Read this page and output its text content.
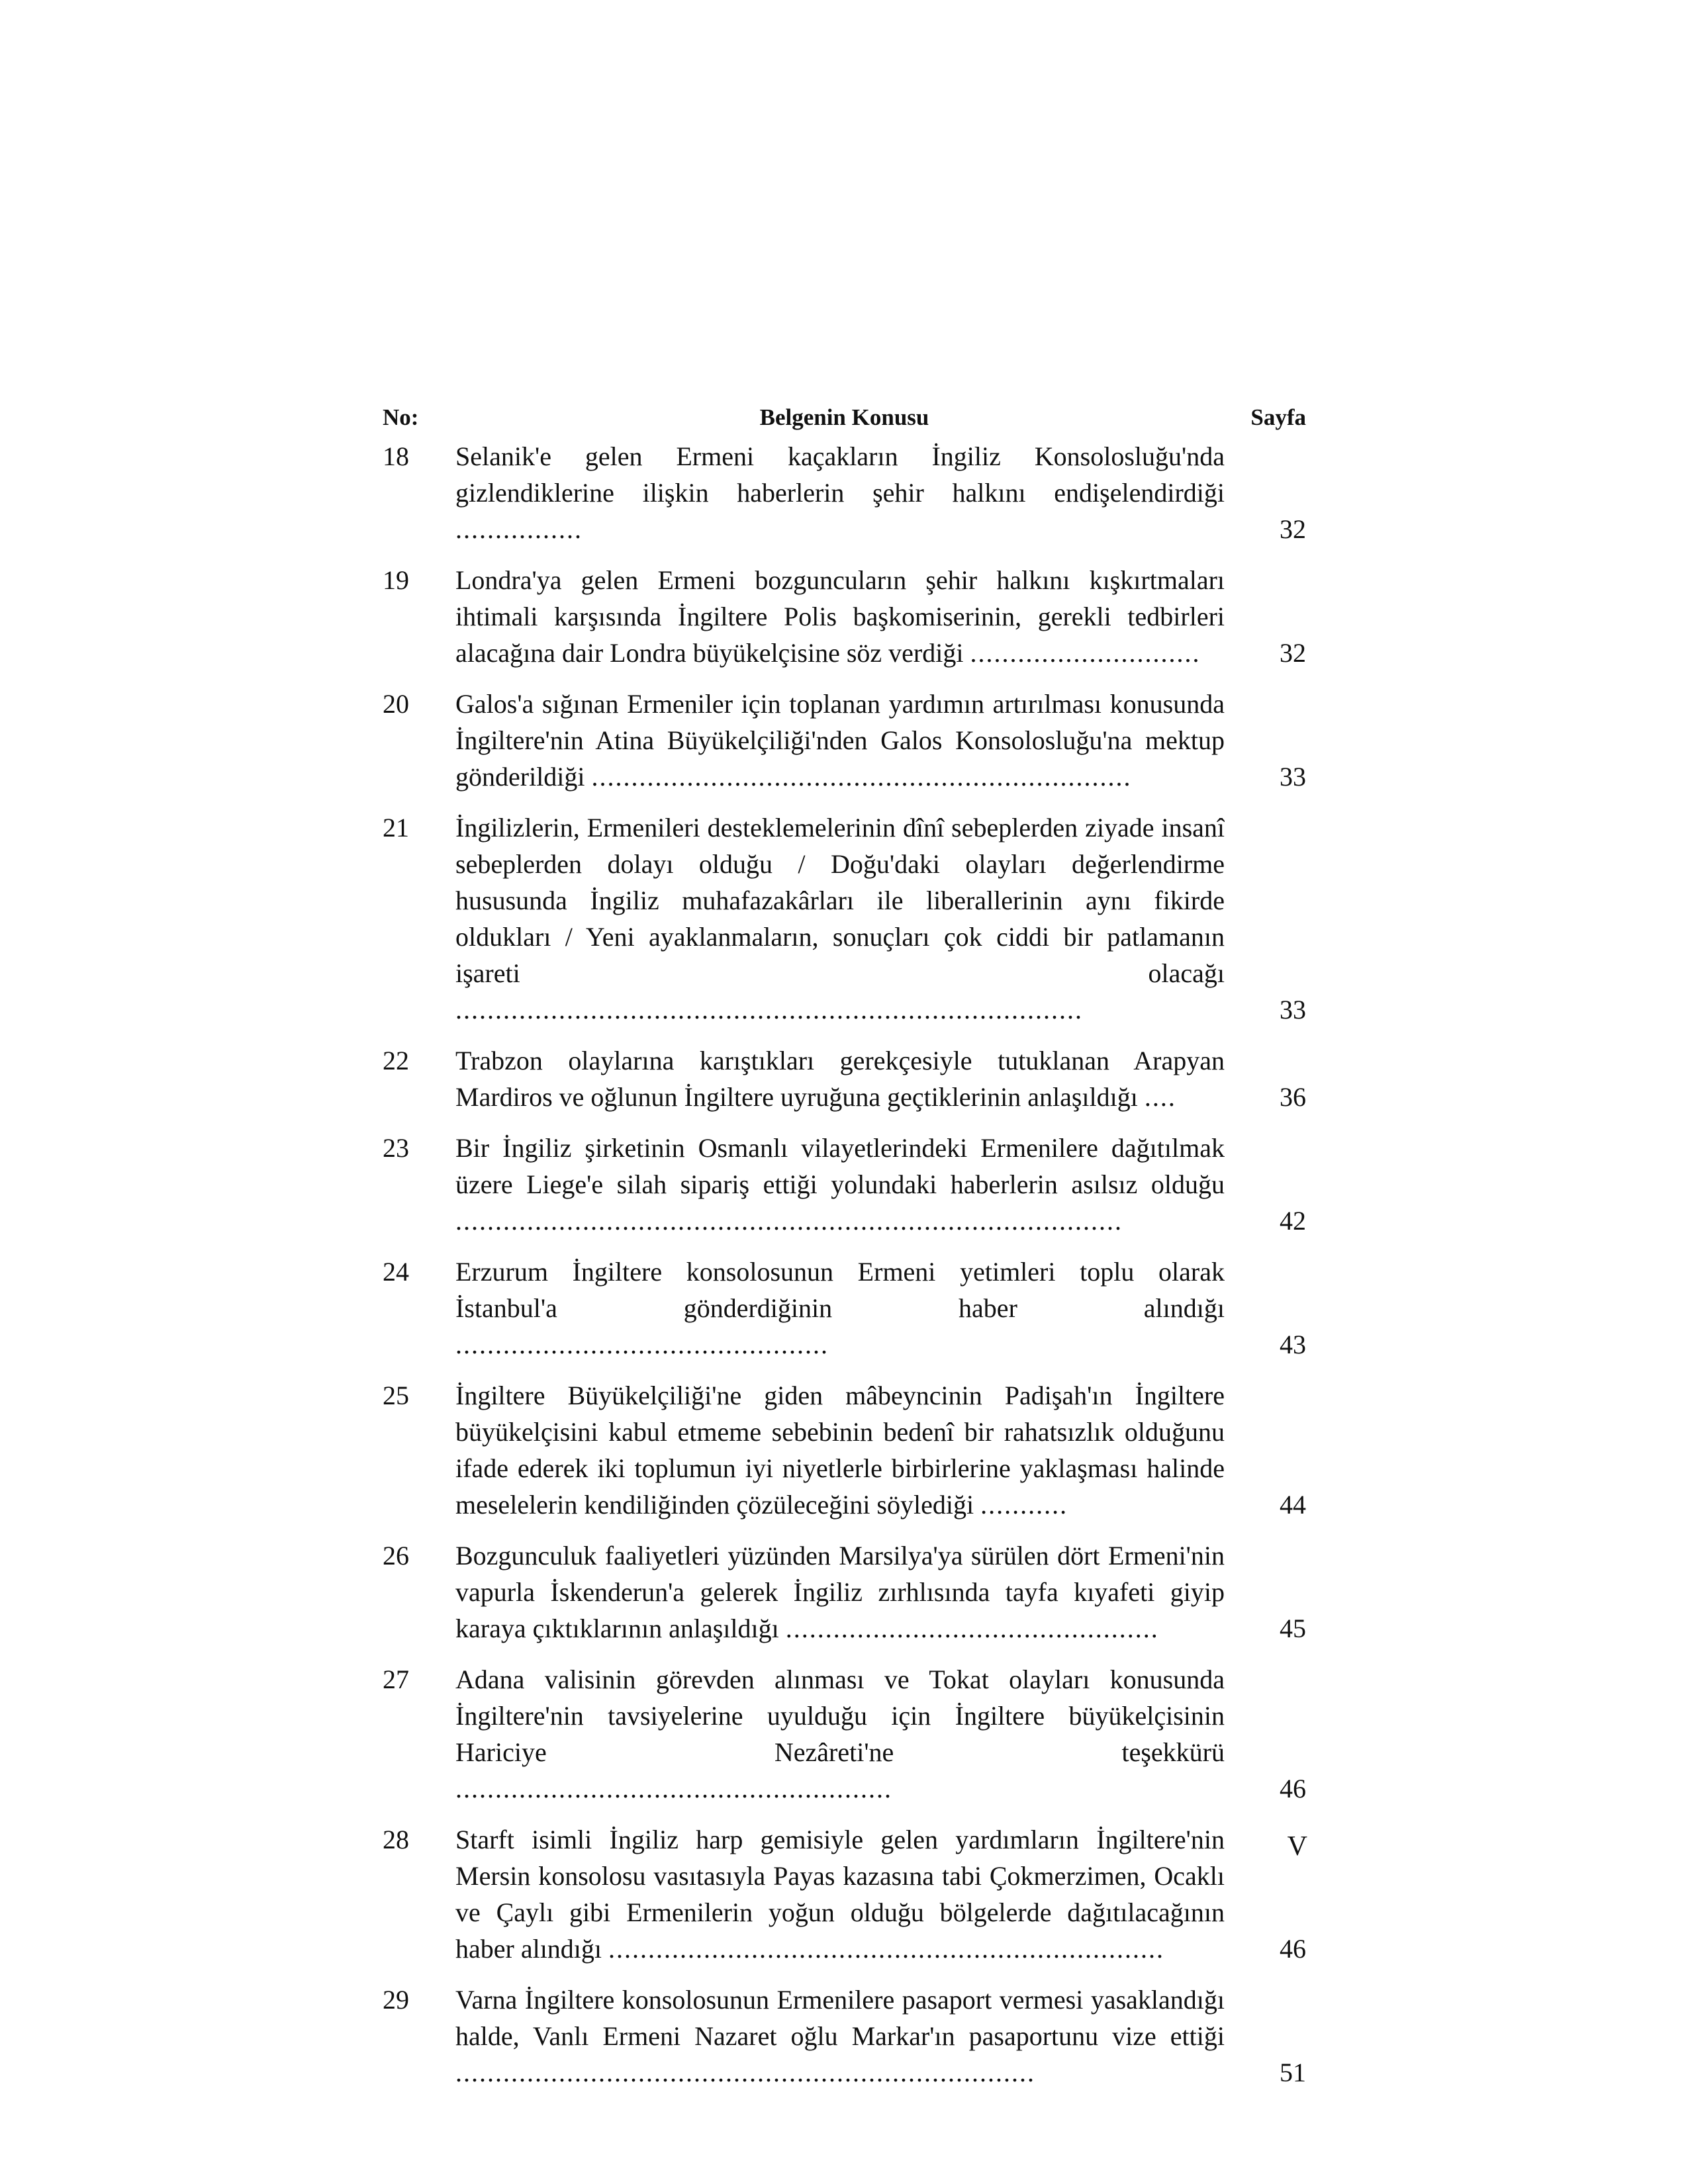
No:	Belgenin Konusu	Sayfa
18 Selanik'e gelen Ermeni kaçakların İngiliz Konsolosluğu'nda gizlendiklerine ilişkin haberlerin şehir halkını endişelendirdiği ................	32
19 Londra'ya gelen Ermeni bozguncuların şehir halkını kışkırtmaları ihtimali karşısında İngiltere Polis başkomiserinin, gerekli tedbirleri alacağına dair Londra büyükelçisine söz verdiği .............................	32
20 Galos'a sığınan Ermeniler için toplanan yardımın artırılması konusunda İngiltere'nin Atina Büyükelçiliği'nden Galos Konsolosluğu'na mektup gönderildiği ....................................................................	33
21 İngilizlerin, Ermenileri desteklemelerinin dînî sebeplerden ziyade insanî sebeplerden dolayı olduğu / Doğu'daki olayları değerlendirme hususunda İngiliz muhafazakârları ile liberallerinin aynı fikirde oldukları / Yeni ayaklanmaların, sonuçları çok ciddi bir patlamanın işareti olacağı ...............................................................................	33
22 Trabzon olaylarına karıştıkları gerekçesiyle tutuklanan Arapyan Mardiros ve oğlunun İngiltere uyruğuna geçtiklerinin anlaşıldığı ....	36
23 Bir İngiliz şirketinin Osmanlı vilayetlerindeki Ermenilere dağıtılmak üzere Liege'e silah sipariş ettiği yolundaki haberlerin asılsız olduğu ....................................................................................	42
24 Erzurum İngiltere konsolosunun Ermeni yetimleri toplu olarak İstanbul'a gönderdiğinin haber alındığı ...............................................	43
25 İngiltere Büyükelçiliği'ne giden mâbeyncinin Padişah'ın İngiltere büyükelçisini kabul etmeme sebebinin bedenî bir rahatsızlık olduğunu ifade ederek iki toplumun iyi niyetlerle birbirlerine yaklaşması halinde meselelerin kendiliğinden çözüleceğini söylediği ...........	44
26 Bozgunculuk faaliyetleri yüzünden Marsilya'ya sürülen dört Ermeni'nin vapurla İskenderun'a gelerek İngiliz zırhlısında tayfa kıyafeti giyip karaya çıktıklarının anlaşıldığı ...............................................	45
27 Adana valisinin görevden alınması ve Tokat olayları konusunda İngiltere'nin tavsiyelerine uyulduğu için İngiltere büyükelçisinin Hariciye Nezâreti'ne teşekkürü .......................................................	46
28 Starft isimli İngiliz harp gemisiyle gelen yardımların İngiltere'nin Mersin konsolosu vasıtasıyla Payas kazasına tabi Çokmerzimen, Ocaklı ve Çaylı gibi Ermenilerin yoğun olduğu bölgelerde dağıtılacağının haber alındığı ......................................................................	46
29 Varna İngiltere konsolosunun Ermenilere pasaport vermesi yasaklandığı halde, Vanlı Ermeni Nazaret oğlu Markar'ın pasaportunu vize ettiği .........................................................................	51
V
